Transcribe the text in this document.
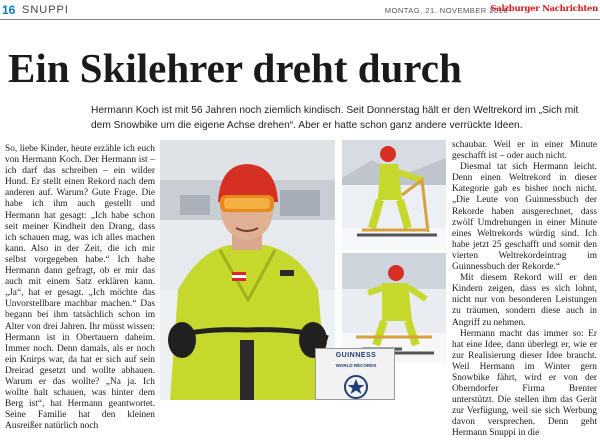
16 SNUPPI	MONTAG, 21. NOVEMBER 2016
Salzburger Nachrichten
Ein Skilehrer dreht durch

Hermann Koch ist mit 56 Jahren noch ziemlich kindisch. Seit Donnerstag hält er den Weltrekord im „Sich mit dem Snowbike um die eigene Achse drehen“. Aber er hatte schon ganz andere verrückte Ideen.

So, liebe Kinder, heute erzähle ich euch von Hermann Koch. Der Hermann ist – ich darf das schreiben – ein wilder Hund. Er stellt einen Rekord nach dem anderen auf. Warum? Gute Frage. Die habe ich ihm auch gestellt und Hermann hat gesagt: „Ich habe schon seit meiner Kindheit den Drang, dass ich schauen mag, was ich alles machen kann. Also in der Zeit, die ich mir selbst vorgegeben habe.“ Ich habe Hermann dann gefragt, ob er mir das auch mit einem Satz erklären kann. „Ja“, hat er gesagt. „Ich möchte das Unvorstellbare machbar machen.“ Das begann bei ihm tatsächlich schon im Alter von drei Jahren. Ihr müsst wissen: Hermann ist in Obertauern daheim. Immer noch. Denn damals, als er noch ein Knirps war, da hat er sich auf sein Dreirad gesetzt und wollte abhauen. Warum er das wollte? „Na ja. Ich wollte halt schauen, was hinter dem Berg ist“, hat Hermann geantwortet. Seine Familie hat den kleinen Ausreißer natürlich noch
GUINNESS
WORLD RECORDS

schaubar. Weil er in einer Minute geschafft ist – oder auch nicht.

Diesmal tat sich Hermann leicht. Denn einen Weltrekord in dieser Kategorie gab es bisher noch nicht. „Die Leute von Guinnessbuch der Rekorde haben ausgerechnet, dass zwölf Umdrehungen in einer Minute eines Weltrekords würdig sind. Ich habe jetzt 25 geschafft und somit den vierten Weltrekordeintrag im Guinnessbuch der Rekorde.“

Mit diesem Rekord will er den Kindern zeigen, dass es sich lohnt, nicht nur von besonderen Leistungen zu träumen, sondern diese auch in Angriff zu nehmen.

Hermann macht das immer so: Er hat eine Idee, dann überlegt er, wie er zur Realisierung dieser Idee braucht. Weil Hermann im Winter gern Snowbike fährt, wird er von der Oberndorfer Firma Brenter unterstützt. Die stellen ihm das Gerät zur Verfügung, weil sie sich Werbung davon versprechen. Denn geht Hermann Snuppi in die
